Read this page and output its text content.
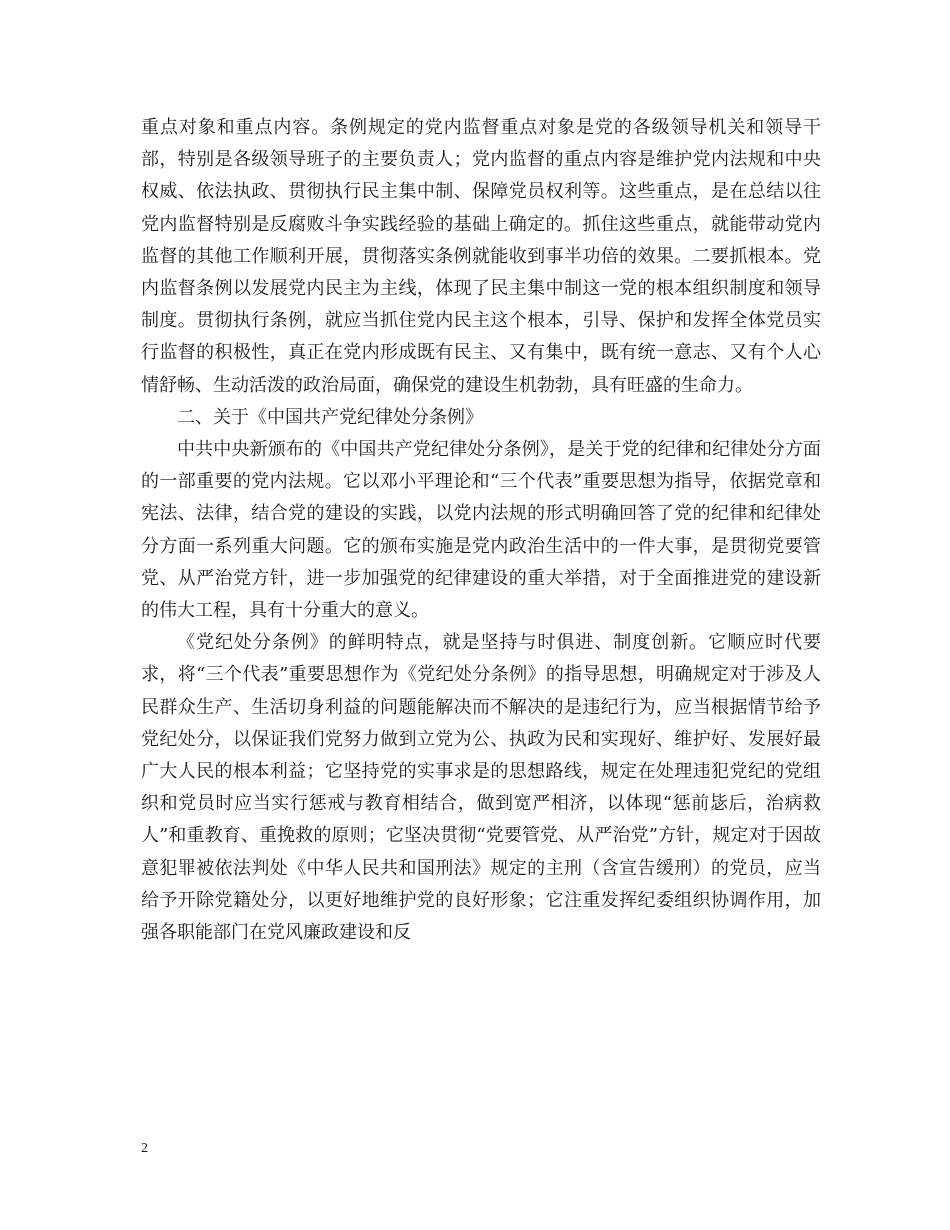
重点对象和重点内容。条例规定的党内监督重点对象是党的各级领导机关和领导干部，特别是各级领导班子的主要负责人；党内监督的重点内容是维护党内法规和中央权威、依法执政、贯彻执行民主集中制、保障党员权利等。这些重点，是在总结以往党内监督特别是反腐败斗争实践经验的基础上确定的。抓住这些重点，就能带动党内监督的其他工作顺利开展，贯彻落实条例就能收到事半功倍的效果。二要抓根本。党内监督条例以发展党内民主为主线，体现了民主集中制这一党的根本组织制度和领导制度。贯彻执行条例，就应当抓住党内民主这个根本，引导、保护和发挥全体党员实行监督的积极性，真正在党内形成既有民主、又有集中，既有统一意志、又有个人心情舒畅、生动活泼的政治局面，确保党的建设生机勃勃，具有旺盛的生命力。

二、关于《中国共产党纪律处分条例》

中共中央新颁布的《中国共产党纪律处分条例》，是关于党的纪律和纪律处分方面的一部重要的党内法规。它以邓小平理论和“三个代表”重要思想为指导，依据党章和宪法、法律，结合党的建设的实践，以党内法规的形式明确回答了党的纪律和纪律处分方面一系列重大问题。它的颁布实施是党内政治生活中的一件大事，是贯彻党要管党、从严治党方针，进一步加强党的纪律建设的重大举措，对于全面推进党的建设新的伟大工程，具有十分重大的意义。

《党纪处分条例》的鲜明特点，就是坚持与时俱进、制度创新。它顺应时代要求，将“三个代表”重要思想作为《党纪处分条例》的指导思想，明确规定对于涉及人民群众生产、生活切身利益的问题能解决而不解决的是违纪行为，应当根据情节给予党纪处分，以保证我们党努力做到立党为公、执政为民和实现好、维护好、发展好最广大人民的根本利益；它坚持党的实事求是的思想路线，规定在处理违犯党纪的党组织和党员时应当实行惩戒与教育相结合，做到宽严相济，以体现“惩前毖后，治病救人”和重教育、重挽救的原则；它坚决贯彻“党要管党、从严治党”方针，规定对于因故意犯罪被依法判处《中华人民共和国刑法》规定的主刑（含宣告缓刑）的党员，应当给予开除党籍处分，以更好地维护党的良好形象；它注重发挥纪委组织协调作用，加强各职能部门在党风廉政建设和反

2
